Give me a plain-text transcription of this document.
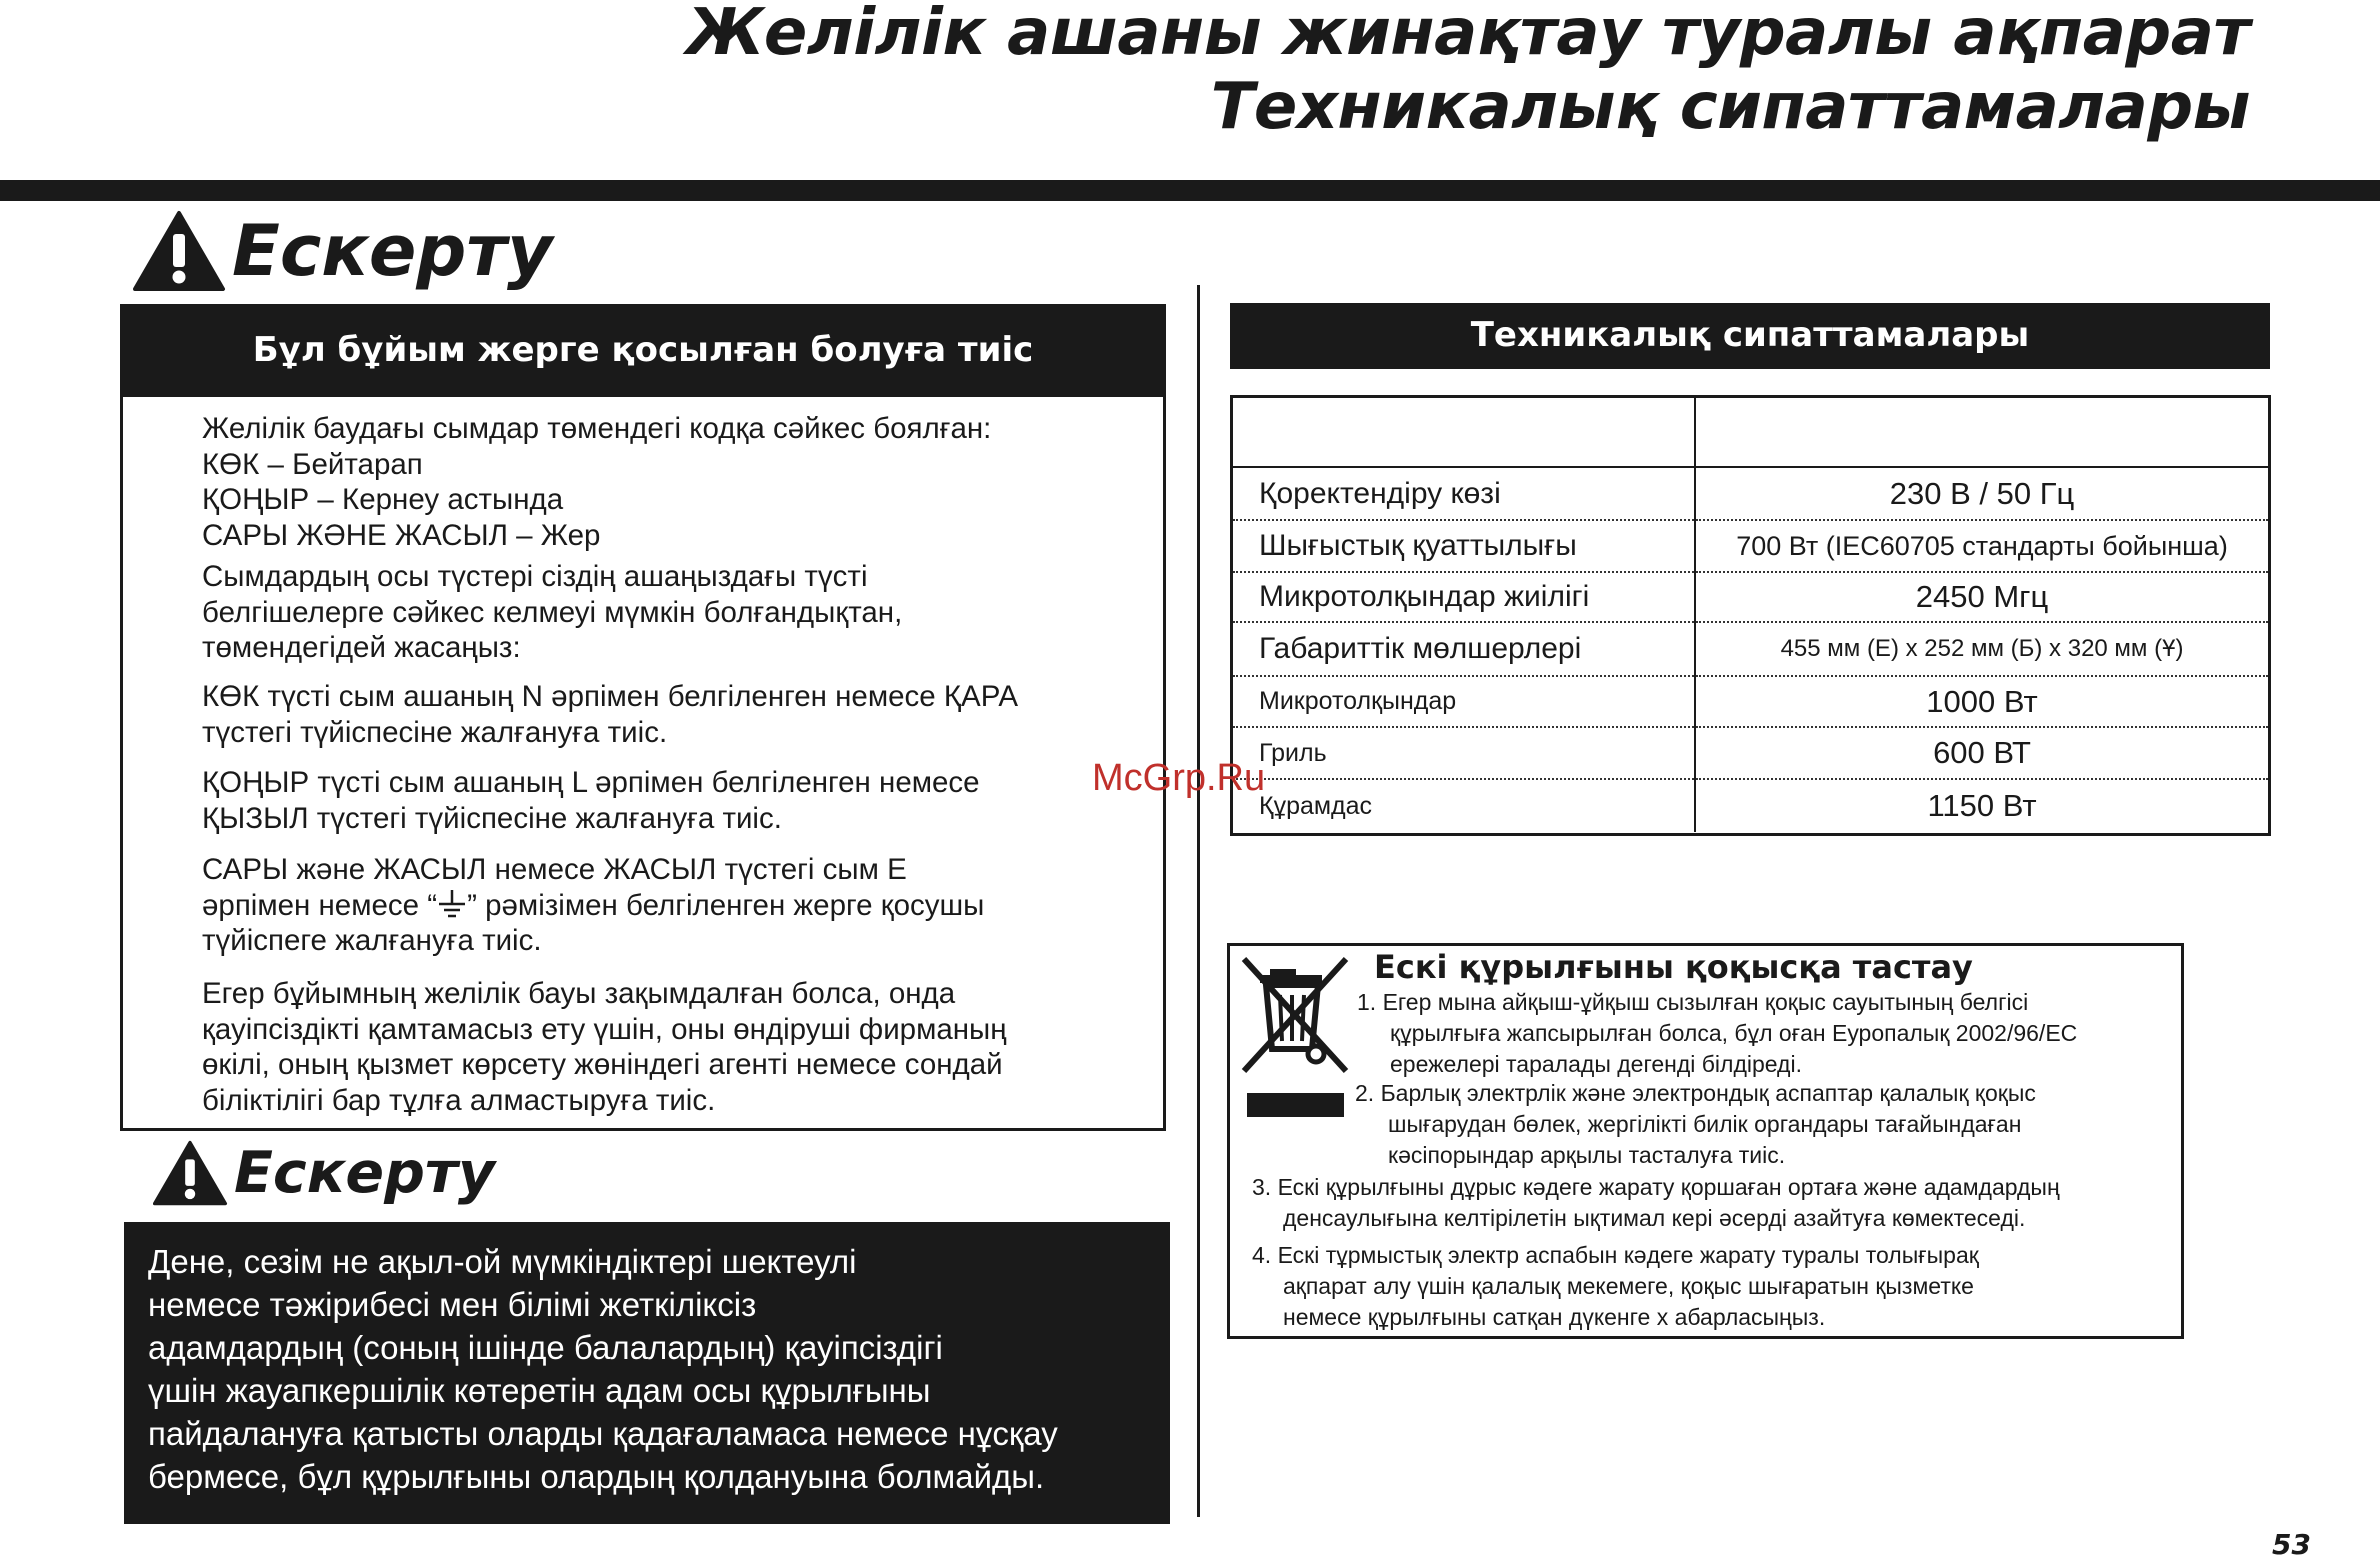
Желілік ашаны жинақтау туралы ақпарат
Техникалық сипаттамалары
Ескерту
Бұл бұйым жерге қосылған болуға тиіс
Желілік баудағы сымдар төмендегі кодқа сәйкес боялған:
КӨК – Бейтарап
ҚОҢЫР – Кернеу астында
САРЫ ЖӘНЕ ЖАСЫЛ – Жер
Сымдардың осы түстері сіздің ашаңыздағы түсті
белгішелерге сәйкес келмеуі мүмкін болғандықтан,
төмендегідей жасаңыз:
КӨК түсті сым ашаның N әрпімен белгіленген немесе ҚАРА
түстегі түйіспесіне жалғануға тиіс.
ҚОҢЫР түсті сым ашаның L әрпімен белгіленген немесе
ҚЫЗЫЛ түстегі түйіспесіне жалғануға тиіс.
САРЫ және ЖАСЫЛ немесе ЖАСЫЛ түстегі сым Е
әрпімен немесе “ ” рәмізімен белгіленген жерге қосушы
түйіспеге жалғануға тиіс.
Егер бұйымның желілік бауы зақымдалған болса, онда
қауіпсіздікті қамтамасыз ету үшін, оны өндіруші фирманың
өкілі, оның қызмет көрсету жөніндегі агенті немесе сондай
біліктілігі бар тұлға алмастыруға тиіс.
Ескерту
Дене, сезім не ақыл-ой мүмкіндіктері шектеулі
немесе тәжірибесі мен білімі жеткіліксіз
адамдардың (соның ішінде балалардың) қауіпсіздігі
үшін жауапкершілік көтеретін адам осы құрылғыны
пайдалануға қатысты оларды қадағаламаса немесе нұсқау
бермесе, бұл құрылғыны олардың қолдануына болмайды.
Техникалық сипаттамалары
Қоректендіру көзі	230 В / 50 Гц
Шығыстық қуаттылығы	700 Вт (IEC60705 стандарты бойынша)
Микротолқындар жиілігі	2450 Мгц
Габариттік мөлшерлері	455 мм (Е) x 252 мм (Б) x 320 мм (Ұ)
Микротолқындар	1000 Вт
Гриль	600 ВТ
Құрамдас	1150 Вт
McGrp.Ru
Ескі құрылғыны қоқысқа тастау
1. Егер мына айқыш-ұйқыш сызылған қоқыс сауытының белгісі
құрылғыға жапсырылған болса, бұл оған Еуропалық 2002/96/ЕС
ережелері таралады дегенді білдіреді.
2. Барлық электрлік және электрондық аспаптар қалалық қоқыс
шығарудан бөлек, жергілікті билік органдары тағайындаған
кәсіпорындар арқылы тасталуға тиіс.
3. Ескі құрылғыны дұрыс кәдеге жарату қоршаған ортаға және адамдардың
денсаулығына келтірілетін ықтимал кері әсерді азайтуға көмектеседі.
4. Ескі тұрмыстық электр аспабын кәдеге жарату туралы толығырақ
ақпарат алу үшін қалалық мекемеге, қоқыс шығаратын қызметке
немесе құрылғыны сатқан дүкенге х абарласыңыз.
53
